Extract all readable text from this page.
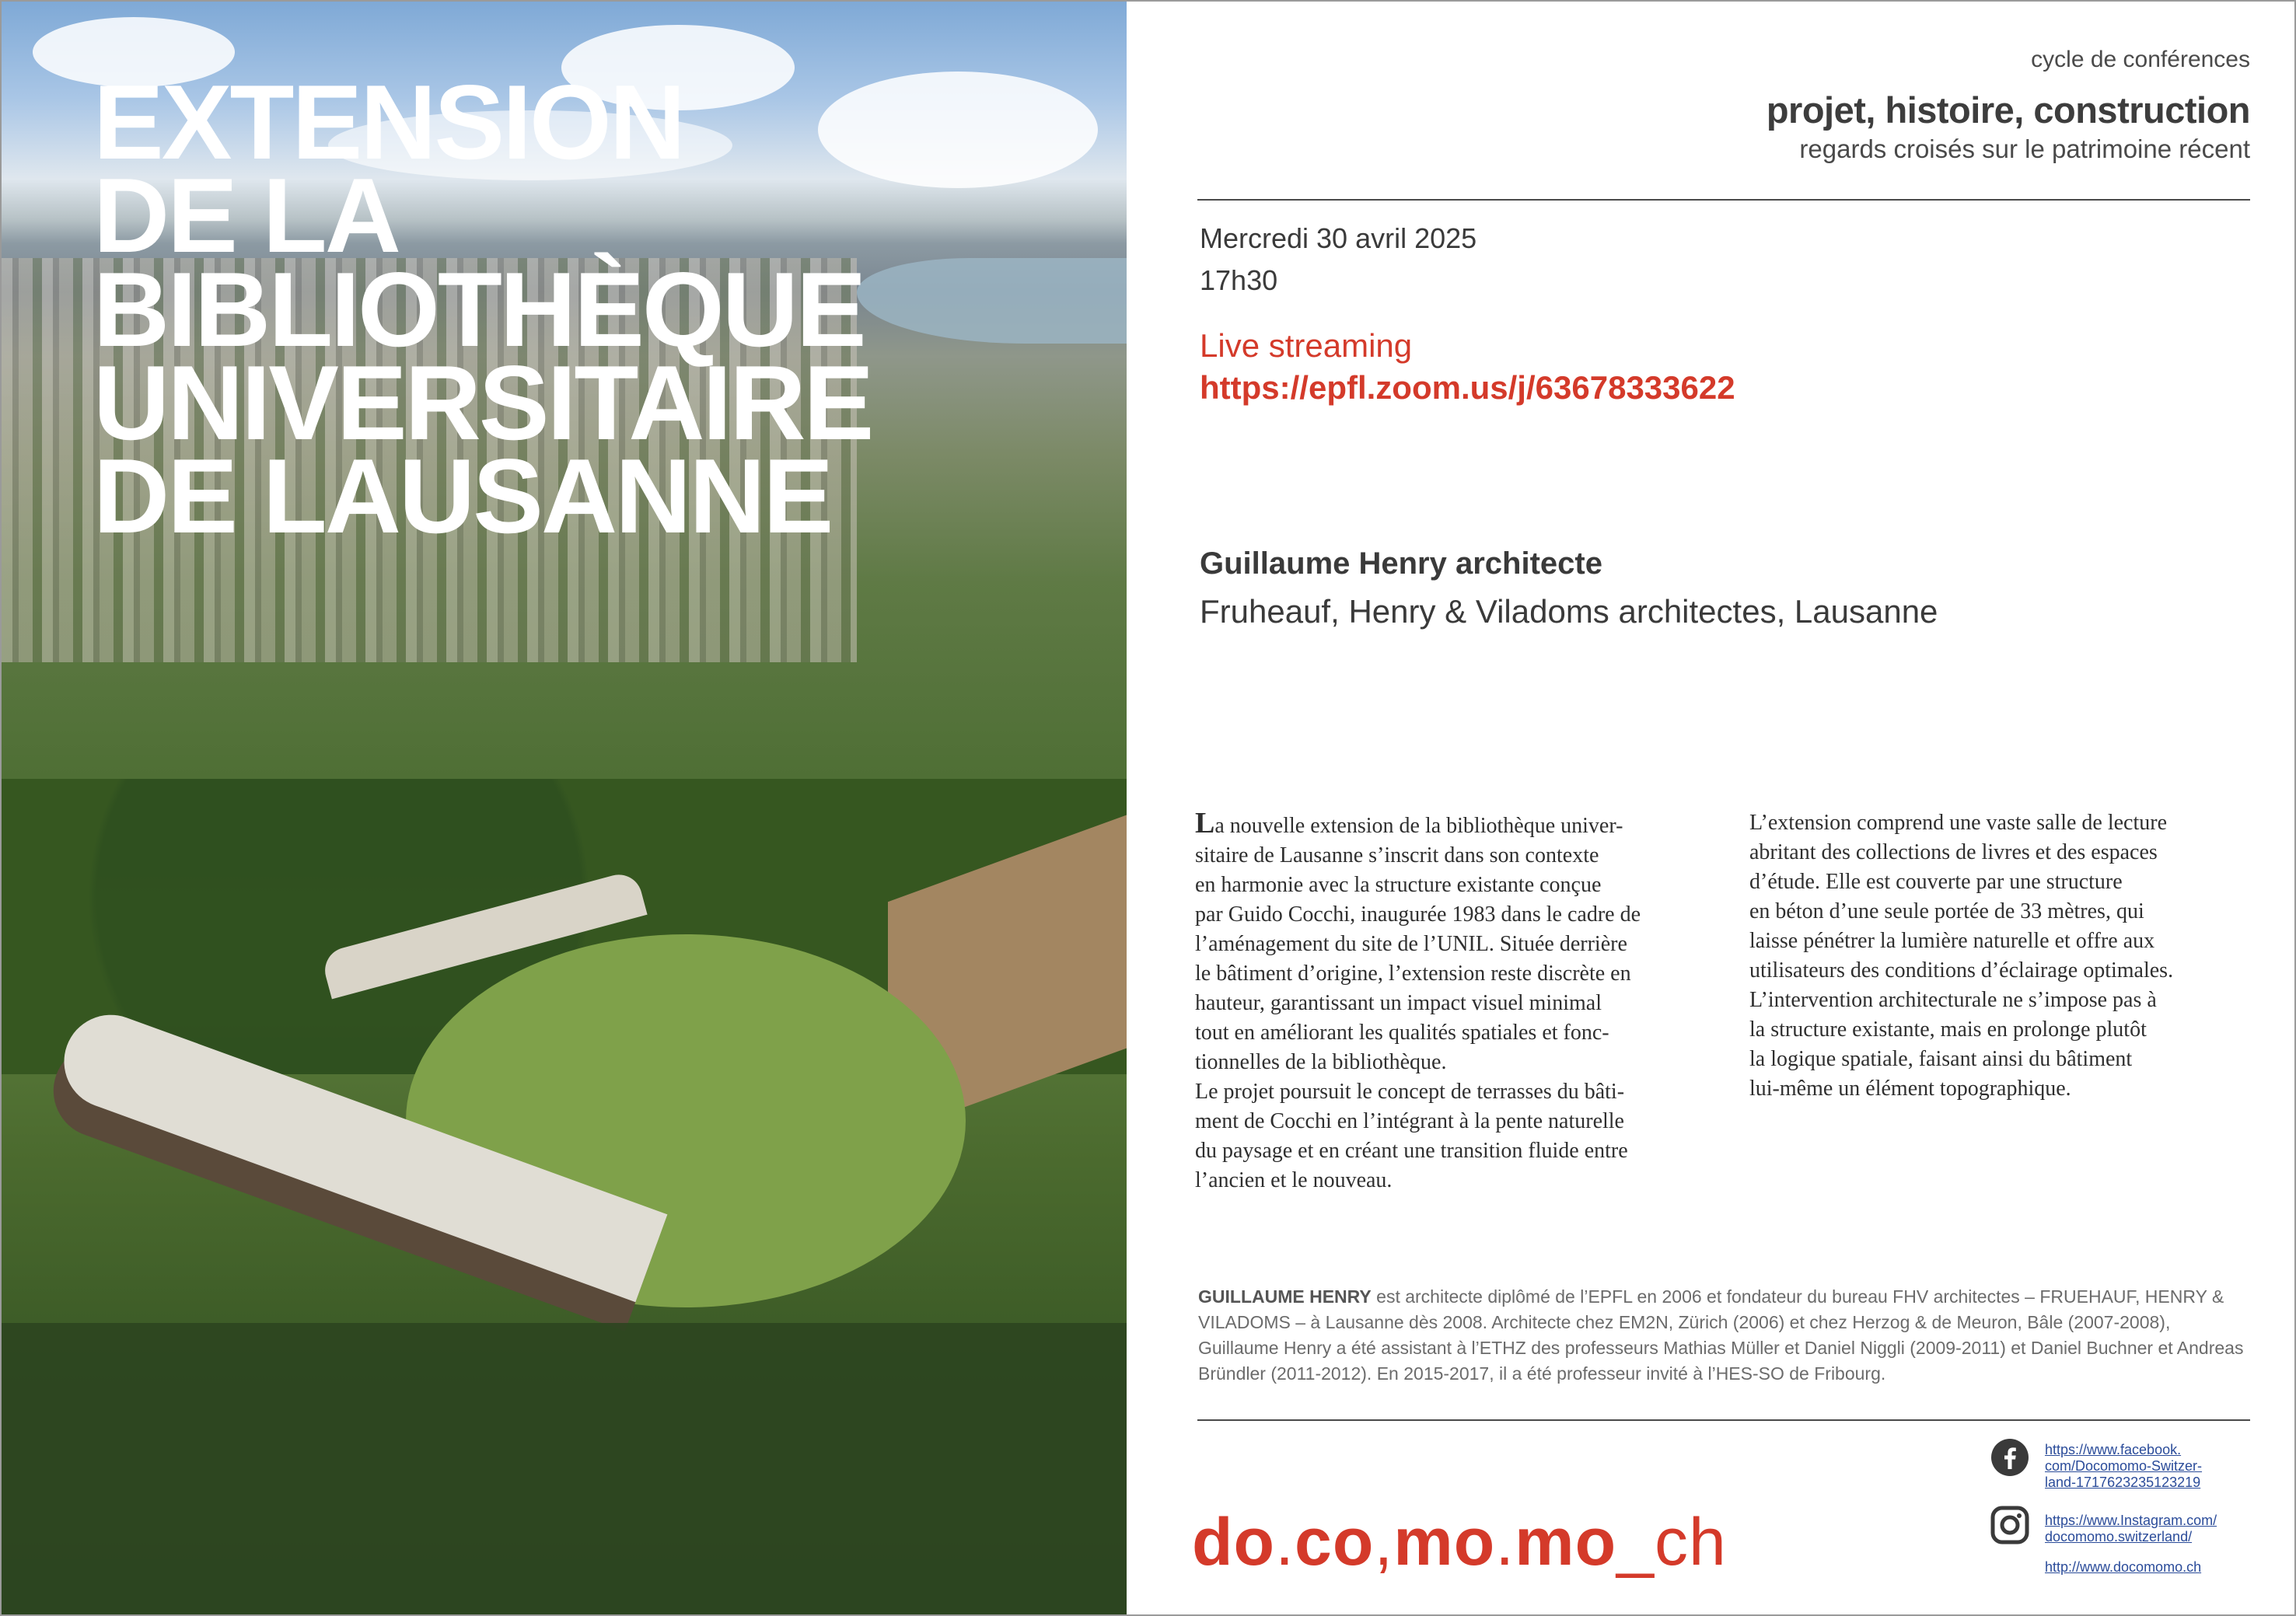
EXTENSION
DE LA
BIBLIOTHÈQUE
UNIVERSITAIRE
DE LAUSANNE
cycle de conférences
projet, histoire, construction
regards croisés sur le patrimoine récent
Mercredi 30 avril 2025
17h30
Live streaming
https://epfl.zoom.us/j/63678333622
Guillaume Henry architecte
Fruheauf, Henry & Viladoms architectes, Lausanne

La nouvelle extension de la bibliothèque univer-
sitaire de Lausanne s’inscrit dans son contexte
en harmonie avec la structure existante conçue
par Guido Cocchi, inaugurée 1983 dans le cadre de
l’aménagement du site de l’UNIL. Située derrière
le bâtiment d’origine, l’extension reste discrète en
hauteur, garantissant un impact visuel minimal
tout en améliorant les qualités spatiales et fonc-
tionnelles de la bibliothèque.
Le projet poursuit le concept de terrasses du bâti-
ment de Cocchi en l’intégrant à la pente naturelle
du paysage et en créant une transition fluide entre
l’ancien et le nouveau.

L’extension comprend une vaste salle de lecture
abritant des collections de livres et des espaces
d’étude. Elle est couverte par une structure
en béton d’une seule portée de 33 mètres, qui
laisse pénétrer la lumière naturelle et offre aux
utilisateurs des conditions d’éclairage optimales.
L’intervention architecturale ne s’impose pas à
la structure existante, mais en prolonge plutôt
la logique spatiale, faisant ainsi du bâtiment
lui-même un élément topographique.

GUILLAUME HENRY est architecte diplômé de l’EPFL en 2006 et fondateur du bureau FHV architectes – FRUEHAUF, HENRY & VILADOMS – à Lausanne dès 2008. Architecte chez EM2N, Zürich (2006) et chez Herzog & de Meuron, Bâle (2007-2008), Guillaume Henry a été assistant à l’ETHZ des professeurs Mathias Müller et Daniel Niggli (2009-2011) et Daniel Buchner et Andreas Bründler (2011-2012). En 2015-2017, il a été professeur invité à l’HES-SO de Fribourg.
do.co,mo.mo_ch
https://www.facebook.
com/Docomomo-Switzer-
land-1717623235123219
https://www.Instagram.com/
docomomo.switzerland/
http://www.docomomo.ch
